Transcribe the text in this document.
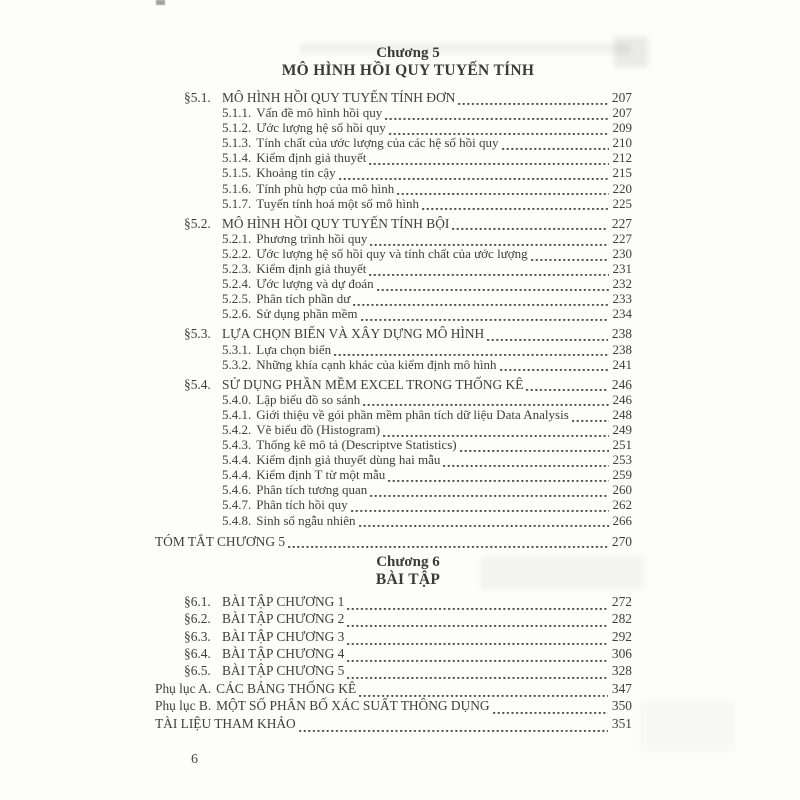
Chương 5
MÔ HÌNH HỒI QUY TUYẾN TÍNH
§5.1. MÔ HÌNH HỒI QUY TUYẾN TÍNH ĐƠN	207
5.1.1. Vấn đề mô hình hồi quy	207
5.1.2. Ước lượng hệ số hồi quy	209
5.1.3. Tính chất của ước lượng của các hệ số hồi quy	210
5.1.4. Kiểm định giả thuyết	212
5.1.5. Khoảng tin cậy	215
5.1.6. Tính phù hợp của mô hình	220
5.1.7. Tuyến tính hoá một số mô hình	225
§5.2. MÔ HÌNH HỒI QUY TUYẾN TÍNH BỘI	227
5.2.1. Phương trình hồi quy	227
5.2.2. Ước lượng hệ số hồi quy và tính chất của ước lượng	230
5.2.3. Kiểm định giả thuyết	231
5.2.4. Ước lượng và dự đoán	232
5.2.5. Phân tích phần dư	233
5.2.6. Sử dụng phần mềm	234
§5.3. LỰA CHỌN BIẾN VÀ XÂY DỰNG MÔ HÌNH	238
5.3.1. Lựa chọn biến	238
5.3.2. Những khía cạnh khác của kiểm định mô hình	241
§5.4. SỬ DỤNG PHẦN MỀM EXCEL TRONG THỐNG KÊ	246
5.4.0. Lập biểu đồ so sánh	246
5.4.1. Giới thiệu về gói phần mềm phân tích dữ liệu Data Analysis	248
5.4.2. Vẽ biểu đồ (Histogram)	249
5.4.3. Thống kê mô tả (Descriptve Statistics)	251
5.4.4. Kiểm định giả thuyết dùng hai mẫu	253
5.4.4. Kiểm định T từ một mẫu	259
5.4.6. Phân tích tương quan	260
5.4.7. Phân tích hồi quy	262
5.4.8. Sinh số ngẫu nhiên	266
TÓM TẮT CHƯƠNG 5	270
Chương 6
BÀI TẬP
§6.1. BÀI TẬP CHƯƠNG 1	272
§6.2. BÀI TẬP CHƯƠNG 2	282
§6.3. BÀI TẬP CHƯƠNG 3	292
§6.4. BÀI TẬP CHƯƠNG 4	306
§6.5. BÀI TẬP CHƯƠNG 5	328
Phụ lục A. CÁC BẢNG THỐNG KÊ	347
Phụ lục B. MỘT SỐ PHÂN BỐ XÁC SUẤT THÔNG DỤNG	350
TÀI LIỆU THAM KHẢO	351
6
